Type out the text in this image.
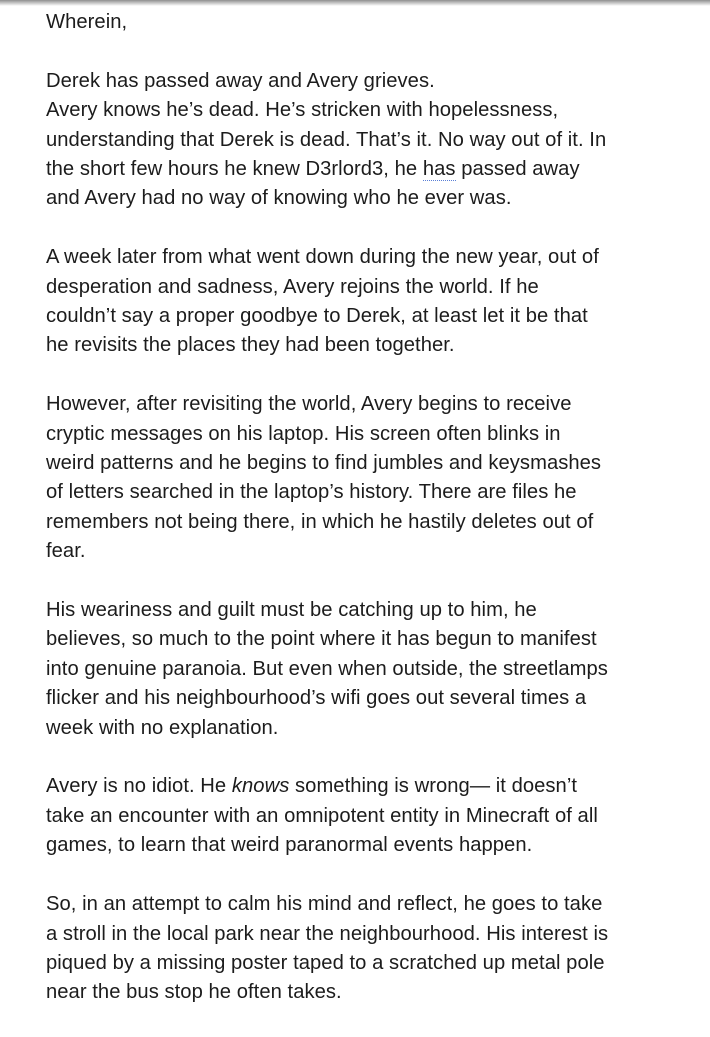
Wherein,

Derek has passed away and Avery grieves.
Avery knows he’s dead. He’s stricken with hopelessness,
understanding that Derek is dead. That’s it. No way out of it. In
the short few hours he knew D3rlord3, he has passed away
and Avery had no way of knowing who he ever was.

A week later from what went down during the new year, out of
desperation and sadness, Avery rejoins the world. If he
couldn’t say a proper goodbye to Derek, at least let it be that
he revisits the places they had been together.

However, after revisiting the world, Avery begins to receive
cryptic messages on his laptop. His screen often blinks in
weird patterns and he begins to find jumbles and keysmashes
of letters searched in the laptop’s history. There are files he
remembers not being there, in which he hastily deletes out of
fear.

His weariness and guilt must be catching up to him, he
believes, so much to the point where it has begun to manifest
into genuine paranoia. But even when outside, the streetlamps
flicker and his neighbourhood’s wifi goes out several times a
week with no explanation.

Avery is no idiot. He knows something is wrong— it doesn’t
take an encounter with an omnipotent entity in Minecraft of all
games, to learn that weird paranormal events happen.

So, in an attempt to calm his mind and reflect, he goes to take
a stroll in the local park near the neighbourhood. His interest is
piqued by a missing poster taped to a scratched up metal pole
near the bus stop he often takes.
